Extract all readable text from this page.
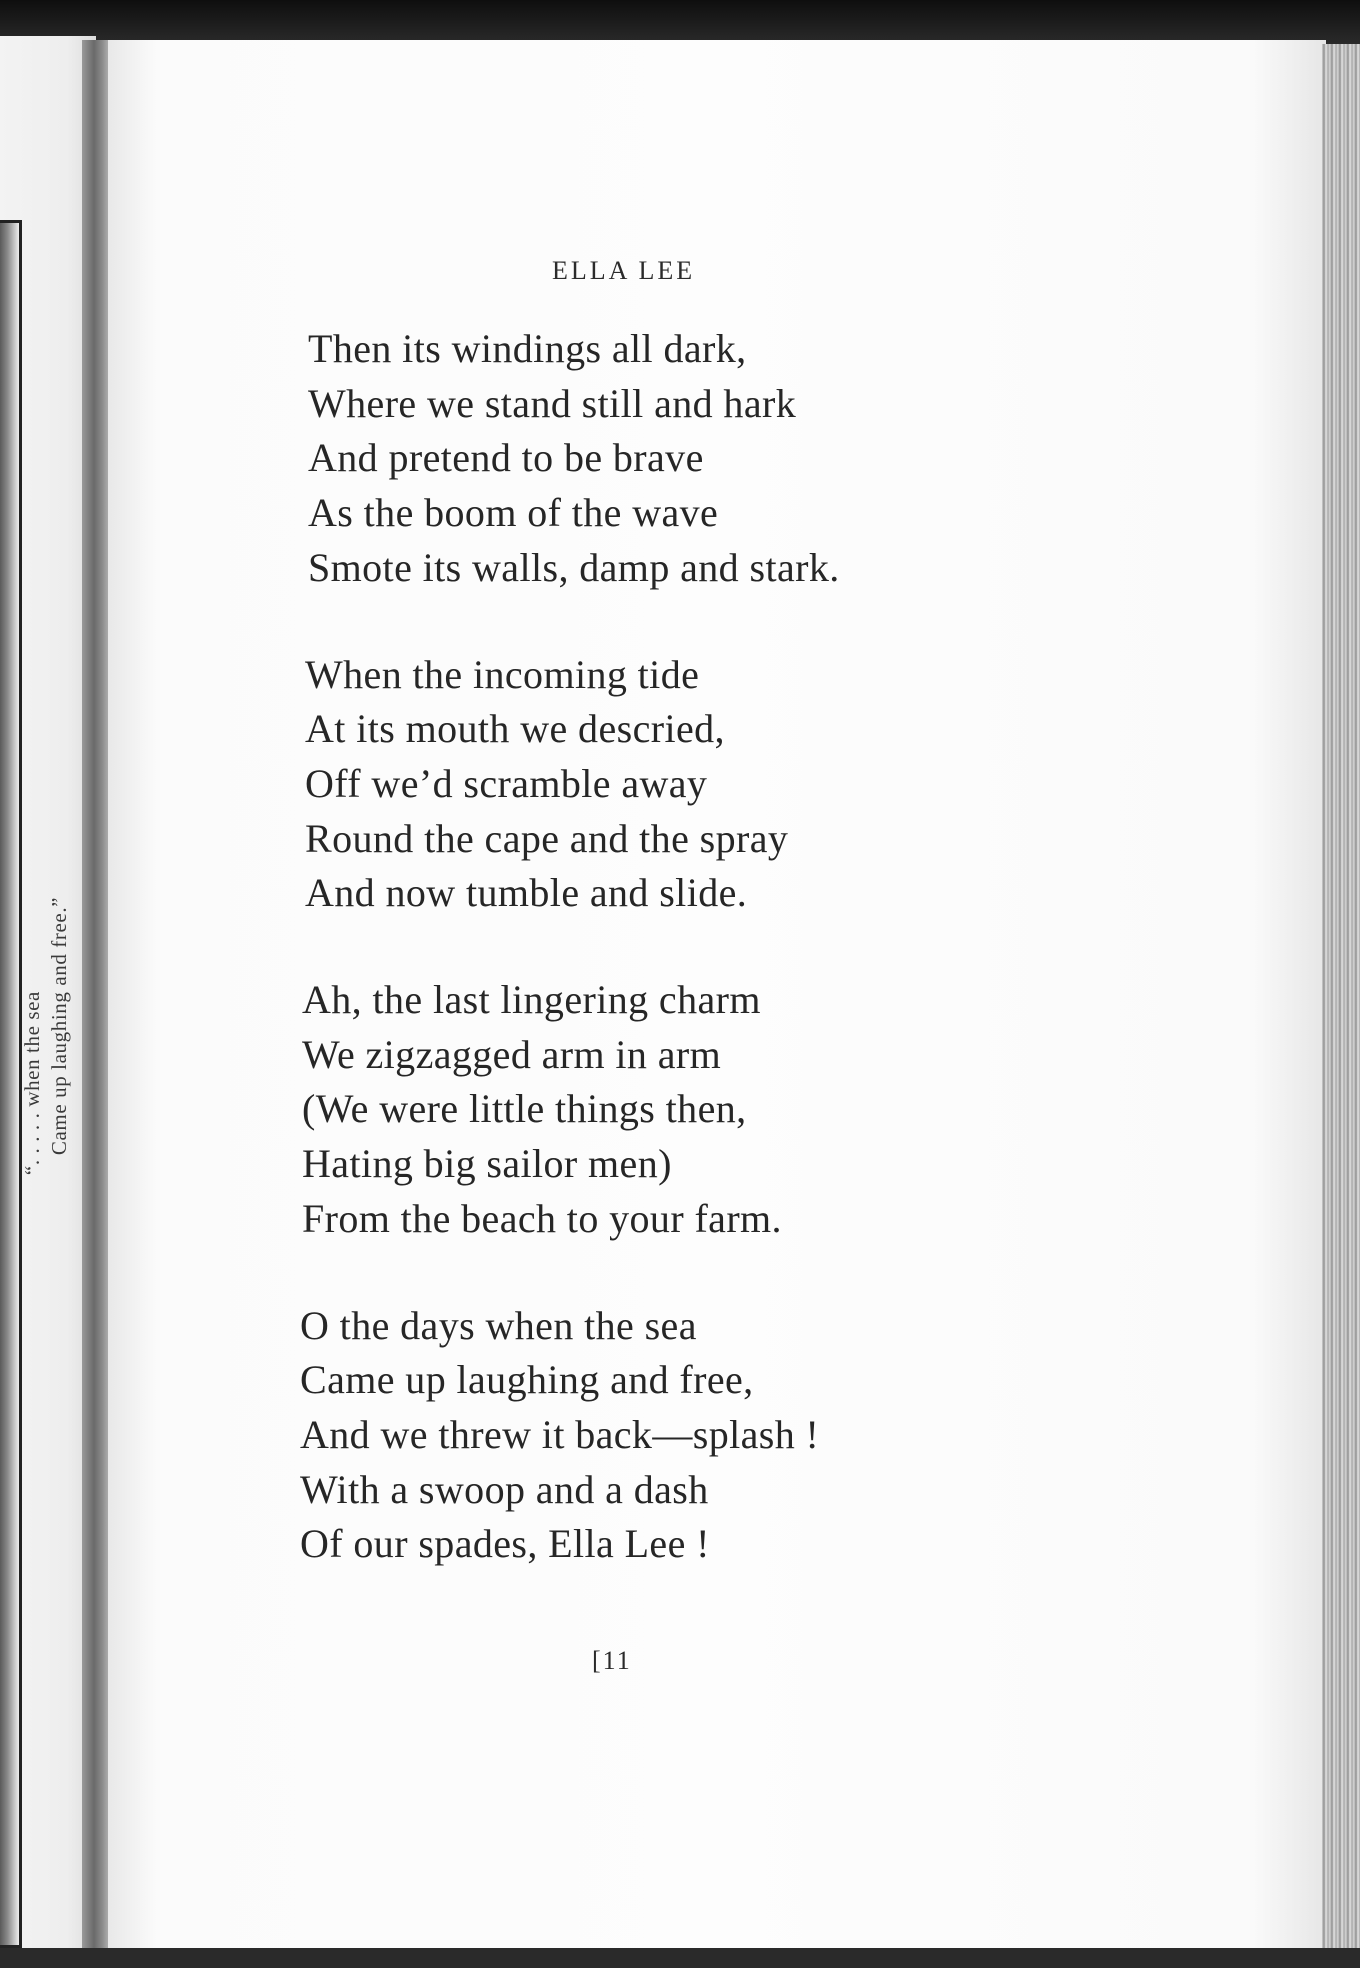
“. . . . . when the sea Came up laughing and free.”
ELLA LEE
Then its windings all dark,
Where we stand still and hark
And pretend to be brave
As the boom of the wave
Smote its walls, damp and stark.
When the incoming tide
At its mouth we descried,
Off we’d scramble away
Round the cape and the spray
And now tumble and slide.
Ah, the last lingering charm
We zigzagged arm in arm
(We were little things then,
Hating big sailor men)
From the beach to your farm.
O the days when the sea
Came up laughing and free,
And we threw it back—splash !
With a swoop and a dash
Of our spades, Ella Lee !
[11
